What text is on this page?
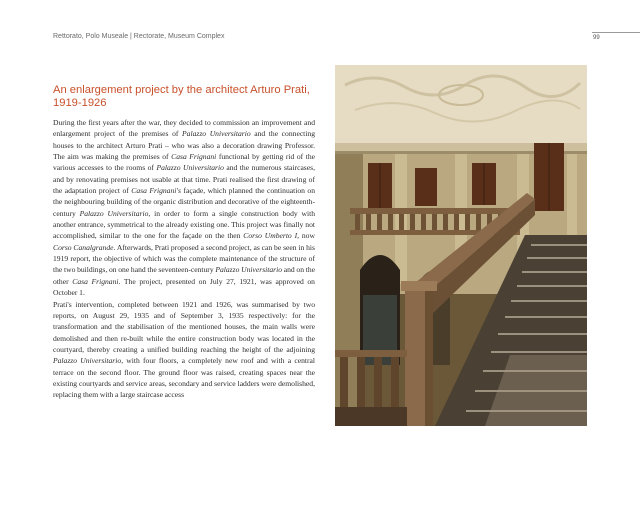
Rettorato, Polo Museale | Rectorate, Museum Complex	99
An enlargement project by the architect Arturo Prati, 1919-1926

During the first years after the war, they decided to commission an improvement and enlargement project of the premises of Palazzo Universitario and the connecting houses to the architect Arturo Prati – who was also a decoration drawing Professor. The aim was making the premises of Casa Frignani functional by getting rid of the various accesses to the rooms of Palazzo Universitario and the numerous staircases, and by renovating premises not usable at that time. Prati realised the first drawing of the adaptation project of Casa Frignani's façade, which planned the continuation on the neighbouring building of the organic distribution and decorative of the eighteenth-century Palazzo Universitario, in order to form a single construction body with another entrance, symmetrical to the already existing one. This project was finally not accomplished, similar to the one for the façade on the then Corso Umberto I, now Corso Canalgrande. Afterwards, Prati proposed a second project, as can be seen in his 1919 report, the objective of which was the complete maintenance of the structure of the two buildings, on one hand the seventeen-century Palazzo Universitario and on the other Casa Frignani. The project, presented on July 27, 1921, was approved on October 1.

Prati's intervention, completed between 1921 and 1926, was summarised by two reports, on August 29, 1935 and of September 3, 1935 respectively: for the transformation and the stabilisation of the mentioned houses, the main walls were demolished and then re-built while the entire construction body was located in the courtyard, thereby creating a unified building reaching the height of the adjoining Palazzo Universitario, with four floors, a completely new roof and with a central terrace on the second floor. The ground floor was raised, creating spaces near the existing courtyards and service areas, secondary and service ladders were demolished, replacing them with a large staircase access
